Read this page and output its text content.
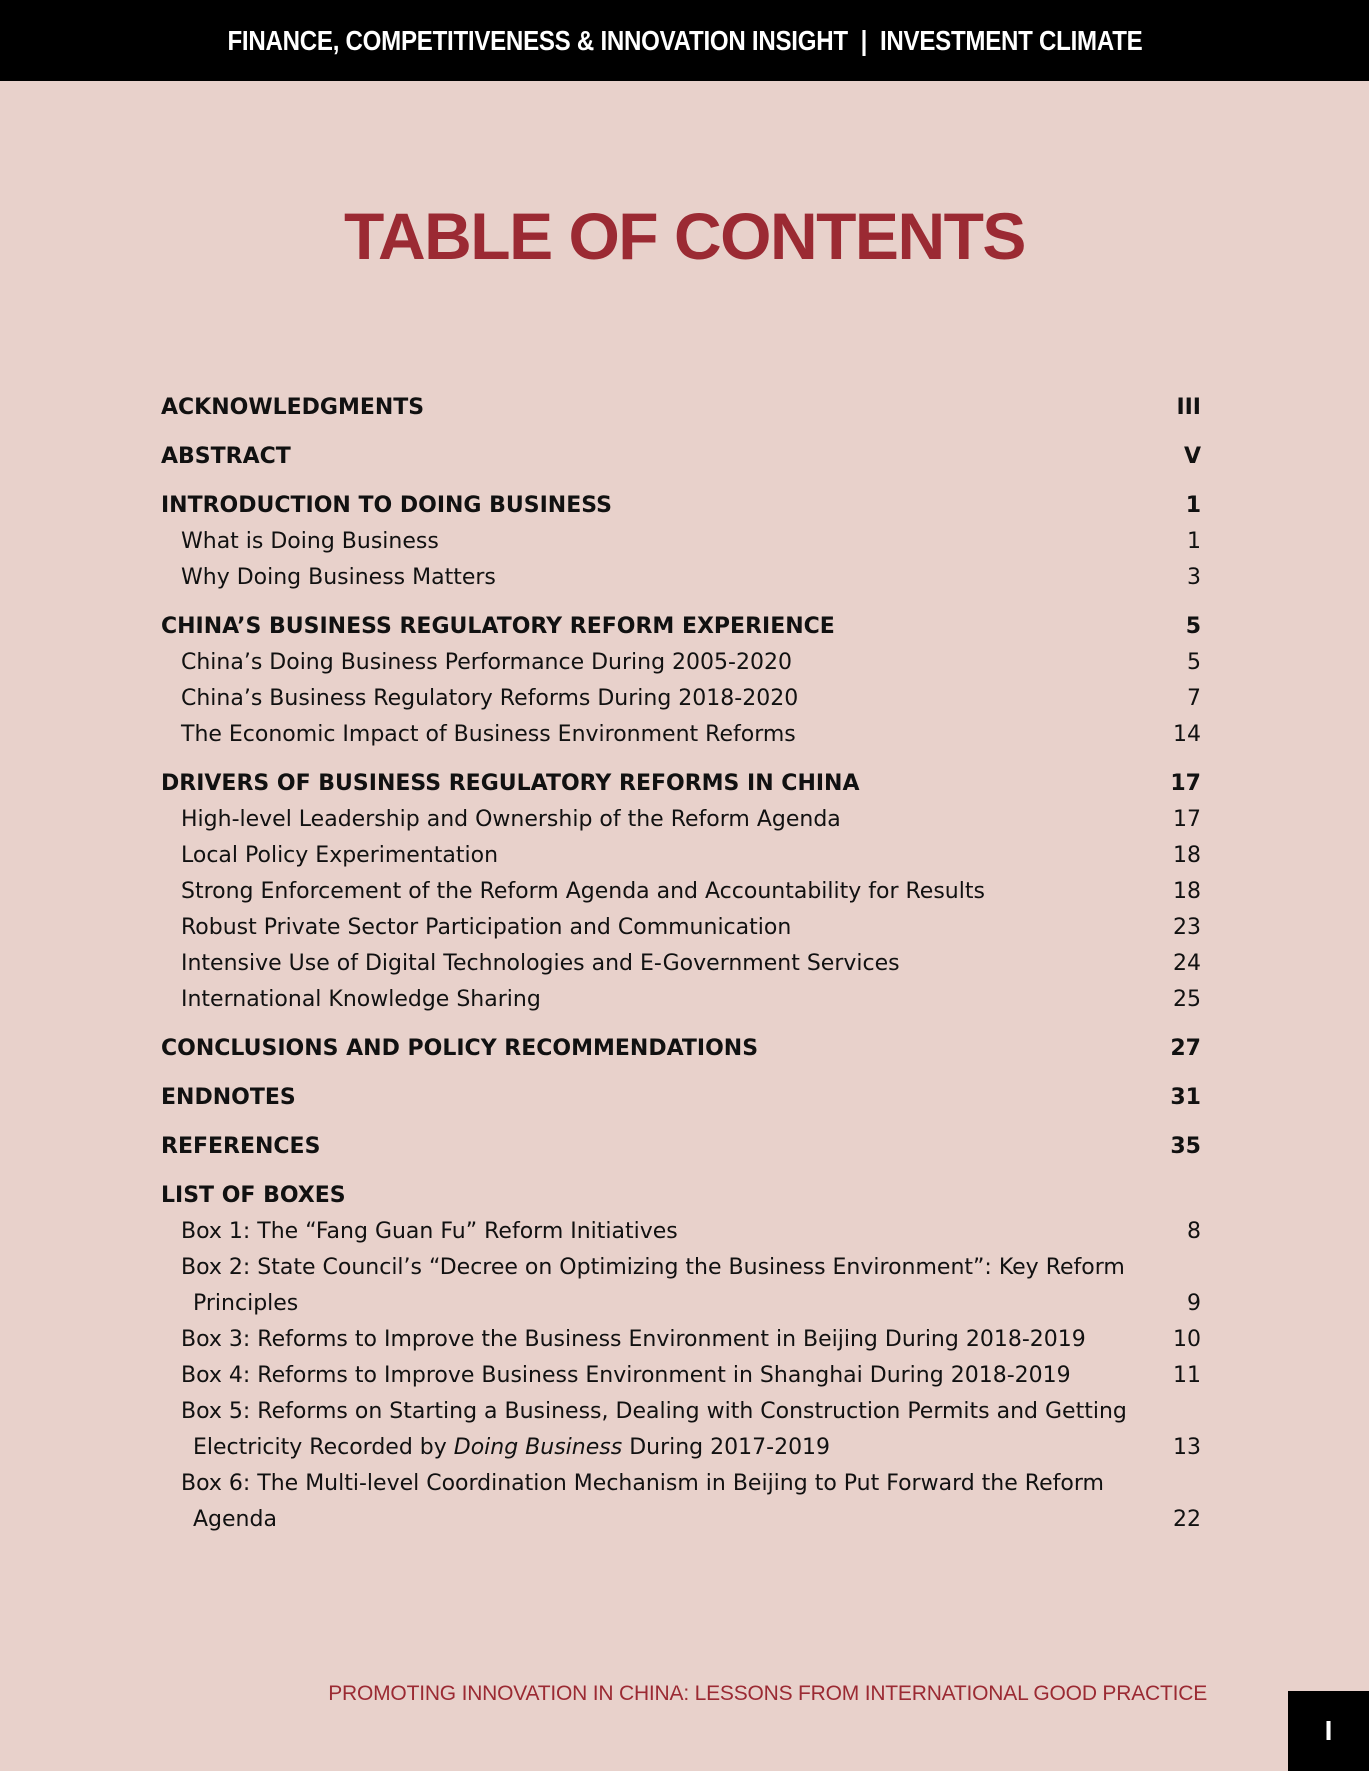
FINANCE, COMPETITIVENESS & INNOVATION INSIGHT  |  INVESTMENT CLIMATE
TABLE OF CONTENTS
ACKNOWLEDGMENTS	III
ABSTRACT	V
INTRODUCTION TO DOING BUSINESS	1
What is Doing Business	1
Why Doing Business Matters	3
CHINA’S BUSINESS REGULATORY REFORM EXPERIENCE	5
China’s Doing Business Performance During 2005-2020	5
China’s Business Regulatory Reforms During 2018-2020	7
The Economic Impact of Business Environment Reforms	14
DRIVERS OF BUSINESS REGULATORY REFORMS IN CHINA	17
High-level Leadership and Ownership of the Reform Agenda	17
Local Policy Experimentation	18
Strong Enforcement of the Reform Agenda and Accountability for Results	18
Robust Private Sector Participation and Communication	23
Intensive Use of Digital Technologies and E-Government Services	24
International Knowledge Sharing	25
CONCLUSIONS AND POLICY RECOMMENDATIONS	27
ENDNOTES	31
REFERENCES	35
LIST OF BOXES
Box 1: The “Fang Guan Fu” Reform Initiatives	8
Box 2: State Council’s “Decree on Optimizing the Business Environment”: Key Reform
Principles	9
Box 3: Reforms to Improve the Business Environment in Beijing During 2018-2019	10
Box 4: Reforms to Improve Business Environment in Shanghai During 2018-2019	11
Box 5: Reforms on Starting a Business, Dealing with Construction Permits and Getting
Electricity Recorded by Doing Business During 2017-2019	13
Box 6: The Multi-level Coordination Mechanism in Beijing to Put Forward the Reform
Agenda	22
PROMOTING INNOVATION IN CHINA: LESSONS FROM INTERNATIONAL GOOD PRACTICE
I
